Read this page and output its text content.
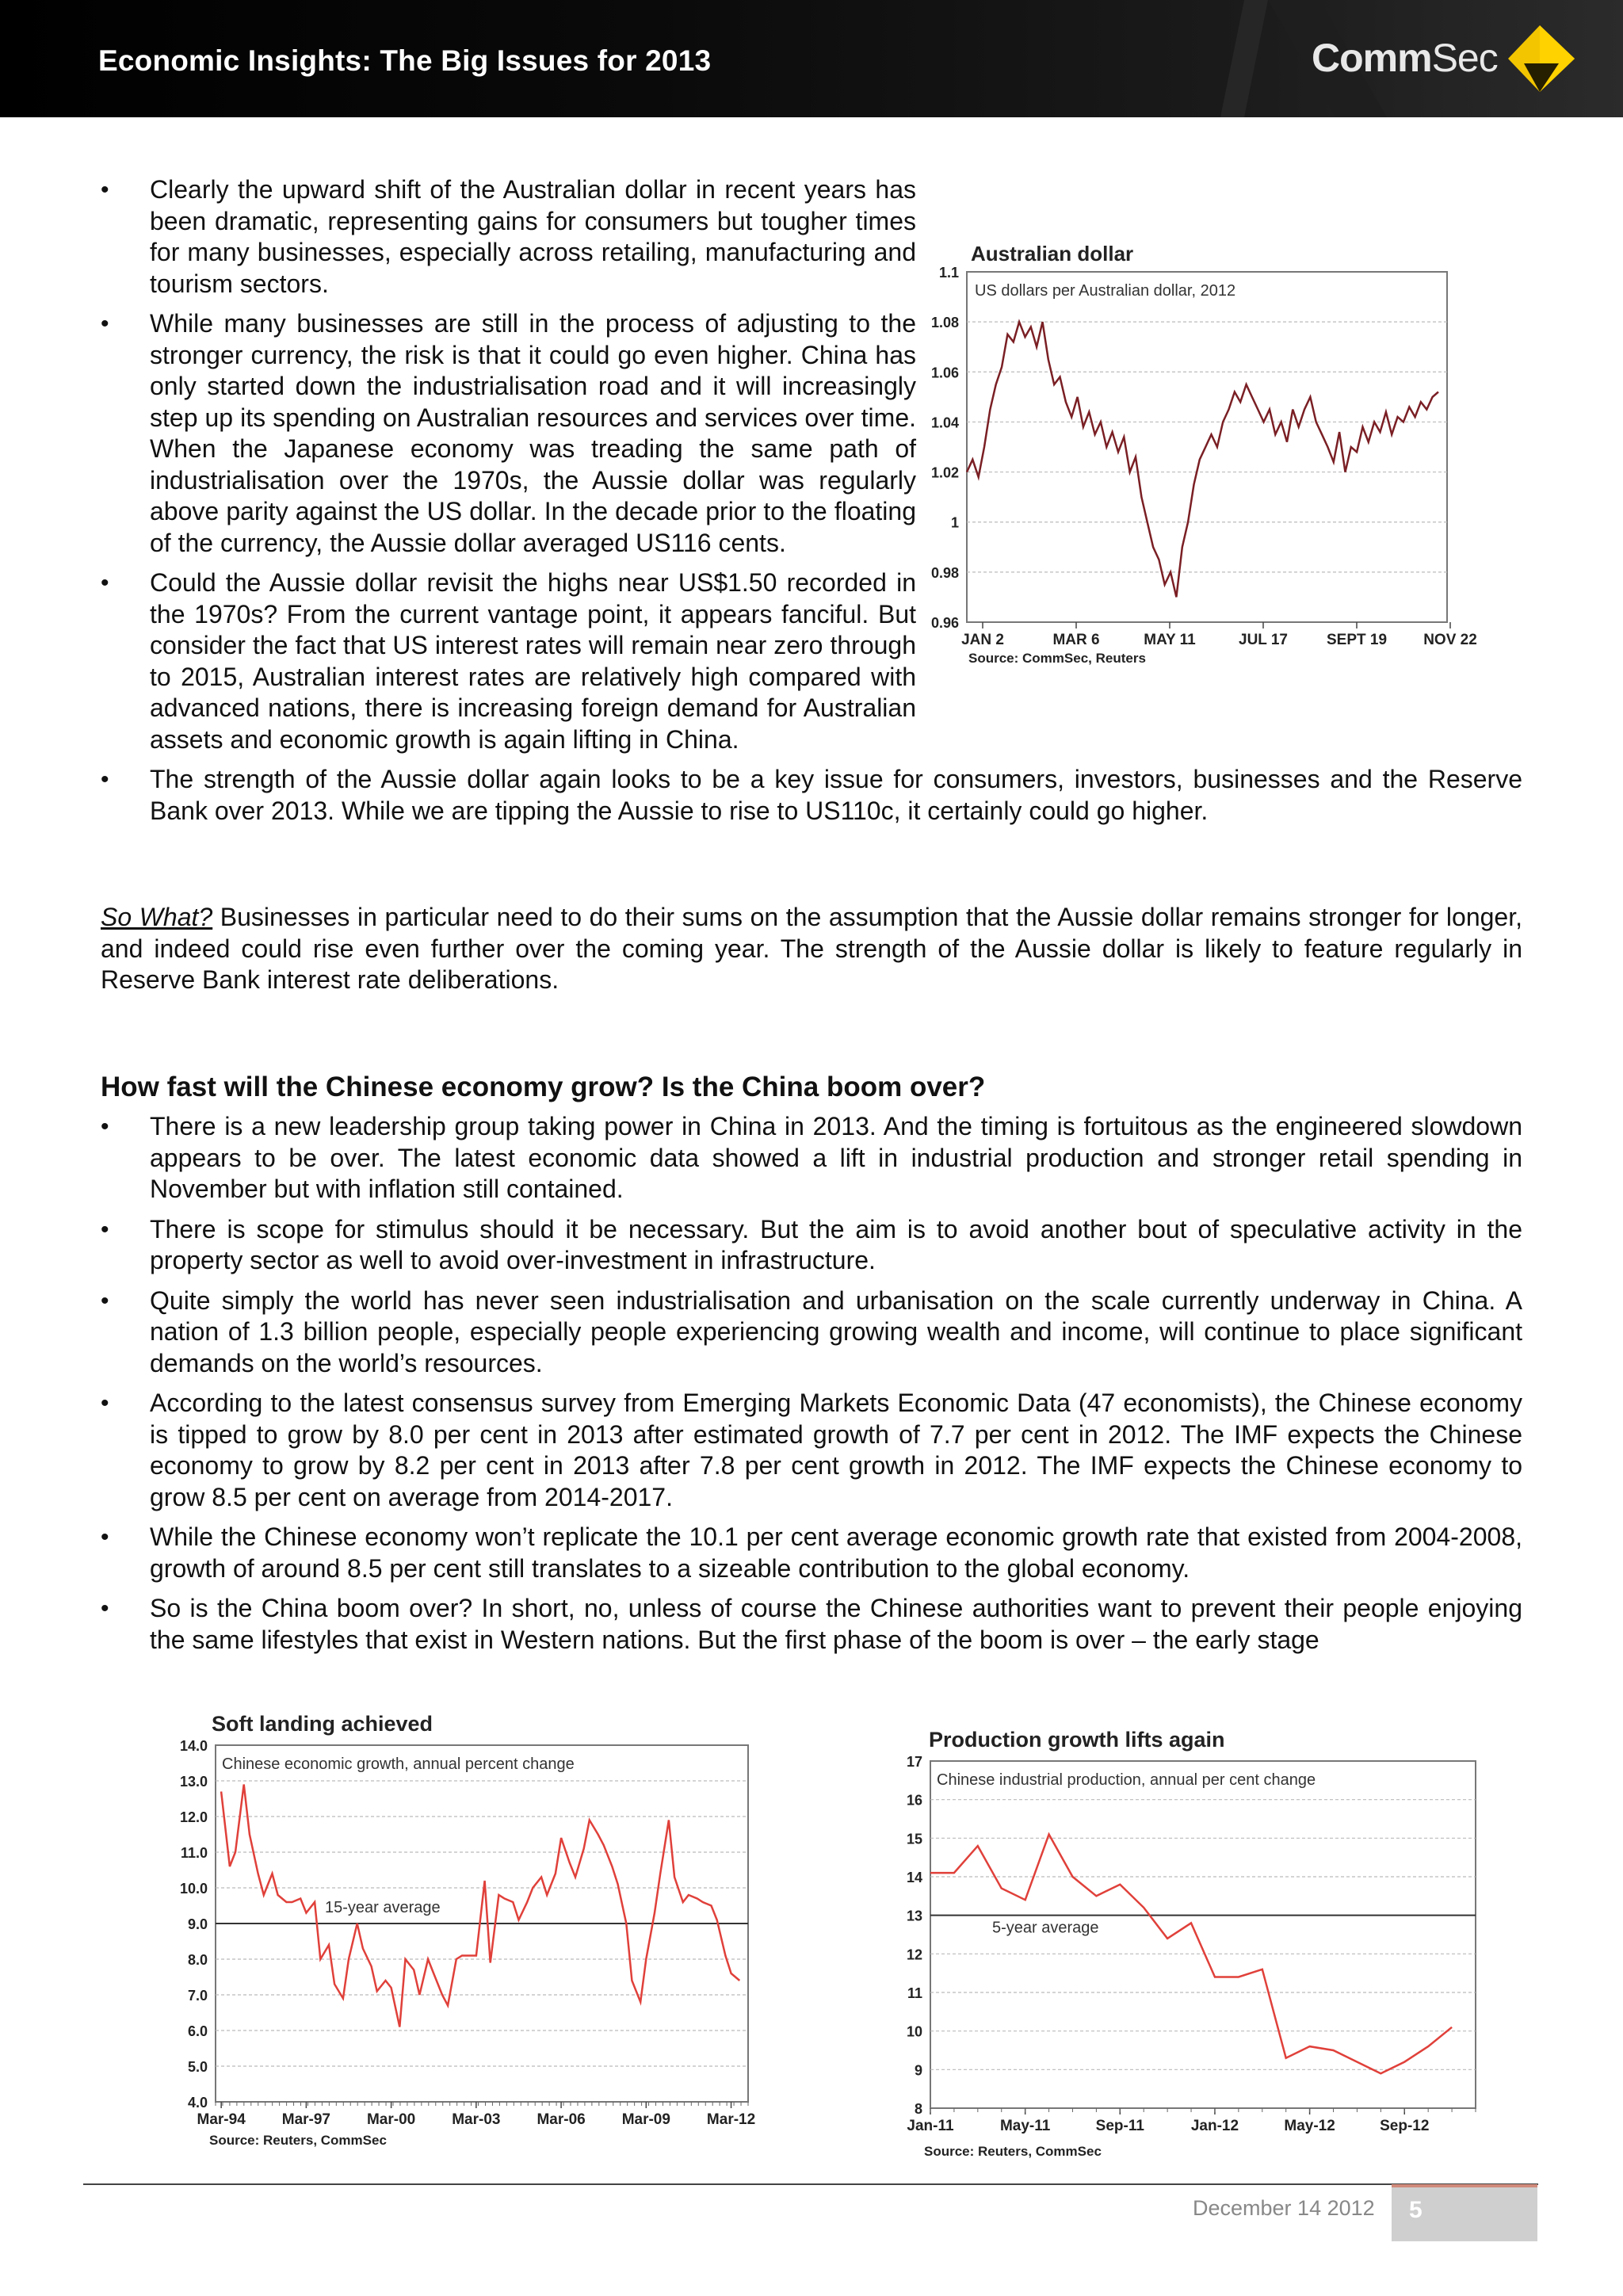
Economic Insights: The Big Issues for 2013	CommSec
• Clearly the upward shift of the Australian dollar in recent years has been dramatic, representing gains for consumers but tougher times for many businesses, especially across retailing, manufacturing and tourism sectors.
• While many businesses are still in the process of adjusting to the stronger currency, the risk is that it could go even higher. China has only started down the industrialisation road and it will increasingly step up its spending on Australian resources and services over time. When the Japanese economy was treading the same path of industrialisation over the 1970s, the Aussie dollar was regularly above parity against the US dollar. In the decade prior to the floating of the currency, the Aussie dollar averaged US116 cents.
• Could the Aussie dollar revisit the highs near US$1.50 recorded in the 1970s? From the current vantage point, it appears fanciful. But consider the fact that US interest rates will remain near zero through to 2015, Australian interest rates are relatively high compared with advanced nations, there is increasing foreign demand for Australian assets and economic growth is again lifting in China.
• The strength of the Aussie dollar again looks to be a key issue for consumers, investors, businesses and the Reserve Bank over 2013. While we are tipping the Aussie to rise to US110c, it certainly could go higher.
Australian dollar
US dollars per Australian dollar, 2012
1.1
1.08
1.06
1.04
1.02
1
0.98
0.96
JAN 2	MAR 6	MAY 11	JUL 17	SEPT 19 NOV 22
Source: CommSec, Reuters

So What? Businesses in particular need to do their sums on the assumption that the Aussie dollar remains stronger for longer, and indeed could rise even further over the coming year. The strength of the Aussie dollar is likely to feature regularly in Reserve Bank interest rate deliberations.

How fast will the Chinese economy grow? Is the China boom over?
• There is a new leadership group taking power in China in 2013. And the timing is fortuitous as the engineered slowdown appears to be over. The latest economic data showed a lift in industrial production and stronger retail spending in November but with inflation still contained.
• There is scope for stimulus should it be necessary. But the aim is to avoid another bout of speculative activity in the property sector as well to avoid over-investment in infrastructure.
• Quite simply the world has never seen industrialisation and urbanisation on the scale currently underway in China. A nation of 1.3 billion people, especially people experiencing growing wealth and income, will continue to place significant demands on the world’s resources.
• According to the latest consensus survey from Emerging Markets Economic Data (47 economists), the Chinese economy is tipped to grow by 8.0 per cent in 2013 after estimated growth of 7.7 per cent in 2012. The IMF expects the Chinese economy to grow by 8.2 per cent in 2013 after 7.8 per cent growth in 2012. The IMF expects the Chinese economy to grow 8.5 per cent on average from 2014-2017.
• While the Chinese economy won’t replicate the 10.1 per cent average economic growth rate that existed from 2004-2008, growth of around 8.5 per cent still translates to a sizeable contribution to the global economy.
• So is the China boom over? In short, no, unless of course the Chinese authorities want to prevent their people enjoying the same lifestyles that exist in Western nations. But the first phase of the boom is over – the early stage
Soft landing achieved
Chinese economic growth, annual percent change
14.0
13.0
12.0
11.0
10.0
9.0
8.0
7.0
6.0
5.0
4.0
Mar-94 Mar-97 Mar-00 Mar-03 Mar-06 Mar-09 Mar-12
15-year average
Source: Reuters, CommSec
Production growth lifts again
Chinese industrial production, annual per cent change
17
16
15
14
13
12
11
10
9
8
Jan-11	May-11	Sep-11	Jan-12	May-12	Sep-12
5-year average
Source: Reuters, CommSec
December 14 2012 5
